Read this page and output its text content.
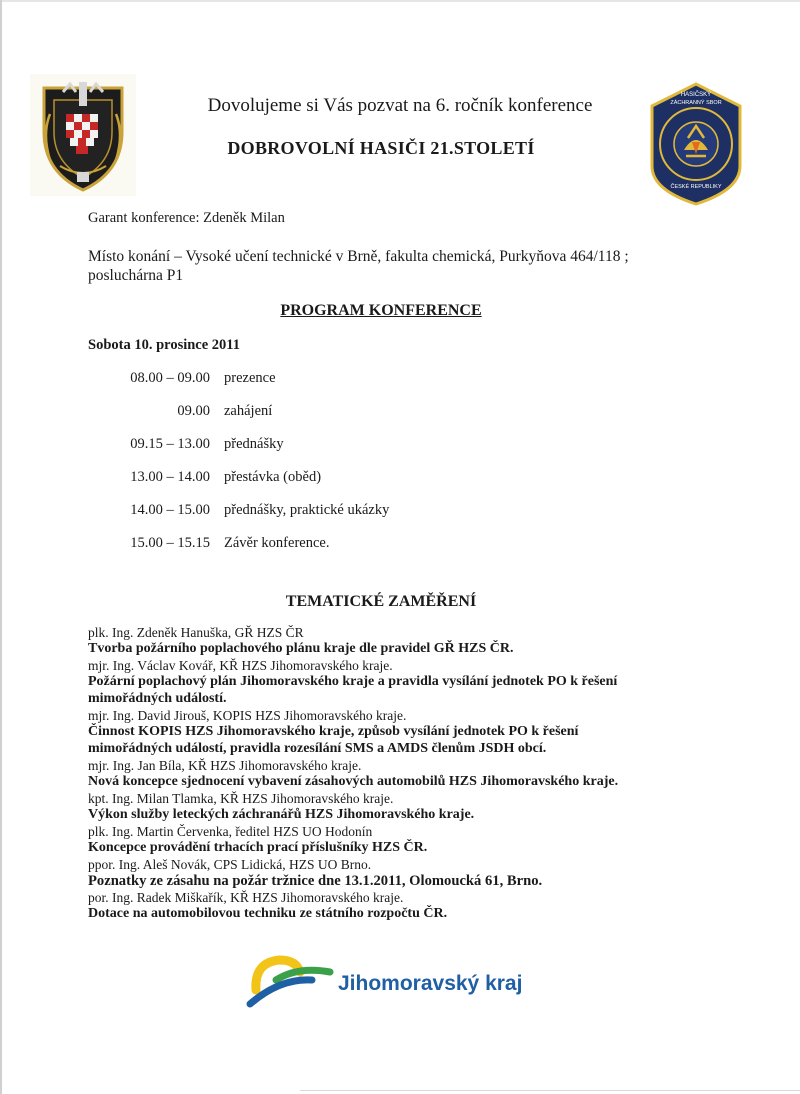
HASIČSKÝ
ZÁCHRANNÝ SBOR
ČESKÉ REPUBLIKY
Dovolujeme si Vás pozvat na 6. ročník konference
DOBROVOLNÍ HASIČI 21.STOLETÍ
Garant konference: Zdeněk Milan
Místo konání – Vysoké učení technické v Brně, fakulta chemická, Purkyňova 464/118 ;
posluchárna P1
PROGRAM KONFERENCE
Sobota 10. prosince 2011
08.00 – 09.00 prezence
09.00 zahájení
09.15 – 13.00 přednášky
13.00 – 14.00 přestávka (oběd)
14.00 – 15.00 přednášky, praktické ukázky
15.00 – 15.15 Závěr konference.
TEMATICKÉ ZAMĚŘENÍ
plk. Ing. Zdeněk Hanuška, GŘ HZS ČR
Tvorba požárního poplachového plánu kraje dle pravidel GŘ HZS ČR.
mjr. Ing. Václav Kovář, KŘ HZS Jihomoravského kraje.
Požární poplachový plán Jihomoravského kraje a pravidla vysílání jednotek PO k řešení mimořádných událostí.
mjr. Ing. David Jirouš, KOPIS HZS Jihomoravského kraje.
Činnost KOPIS HZS Jihomoravského kraje, způsob vysílání jednotek PO k řešení mimořádných událostí, pravidla rozesílání SMS a AMDS členům JSDH obcí.
mjr. Ing. Jan Bíla, KŘ HZS Jihomoravského kraje.
Nová koncepce sjednocení vybavení zásahových automobilů HZS Jihomoravského kraje.
kpt. Ing. Milan Tlamka, KŘ HZS Jihomoravského kraje.
Výkon služby leteckých záchranářů HZS Jihomoravského kraje.
plk. Ing. Martin Červenka, ředitel HZS UO Hodonín
Koncepce provádění trhacích prací příslušníky HZS ČR.
ppor. Ing. Aleš Novák, CPS Lidická, HZS UO Brno.
Poznatky ze zásahu na požár tržnice dne 13.1.2011, Olomoucká 61, Brno.
por. Ing. Radek Miškařík, KŘ HZS Jihomoravského kraje.
Dotace na automobilovou techniku ze státního rozpočtu ČR.
Jihomoravský kraj
